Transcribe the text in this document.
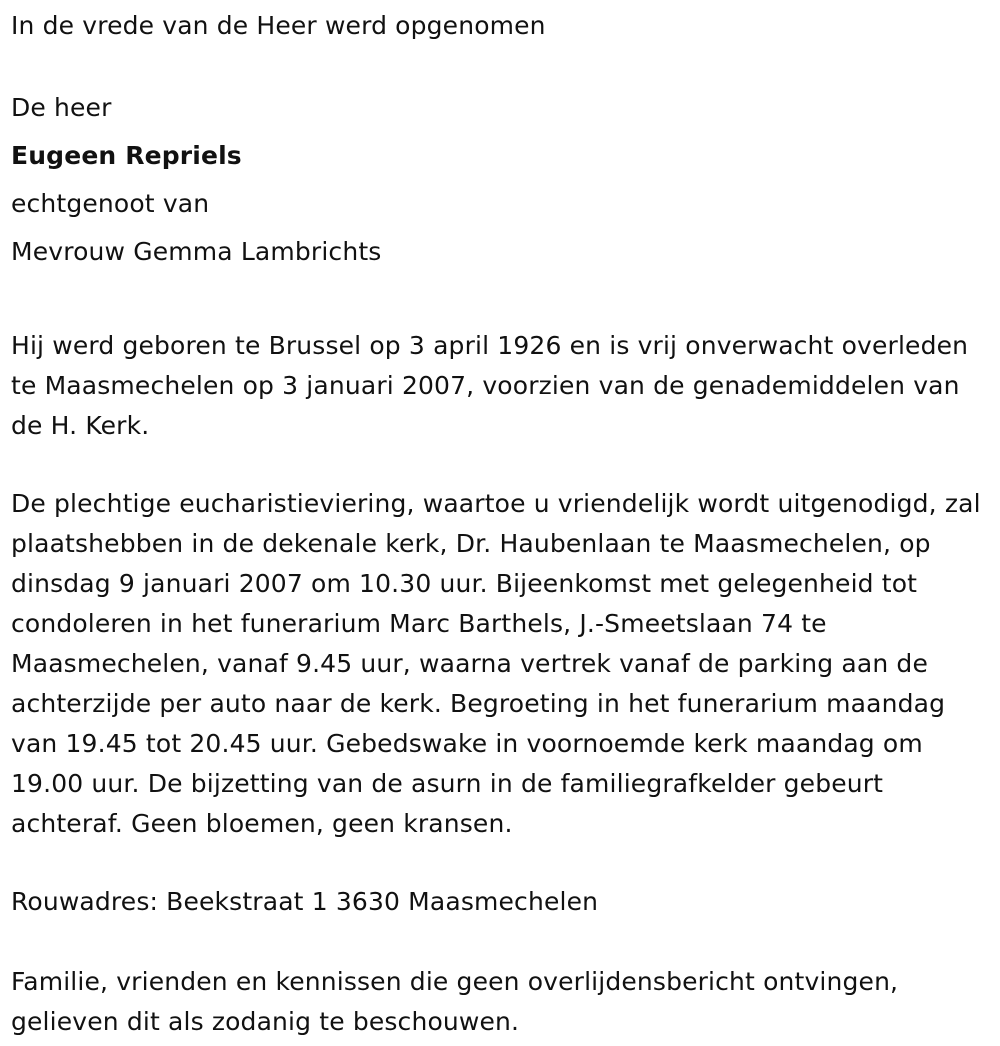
In de vrede van de Heer werd opgenomen

De heer

Eugeen Repriels

echtgenoot van

Mevrouw Gemma Lambrichts

Hij werd geboren te Brussel op 3 april 1926 en is vrij onverwacht overleden te Maasmechelen op 3 januari 2007, voorzien van de genademiddelen van de H. Kerk.

De plechtige eucharistieviering, waartoe u vriendelijk wordt uitgenodigd, zal plaatshebben in de dekenale kerk, Dr. Haubenlaan te Maasmechelen, op dinsdag 9 januari 2007 om 10.30 uur. Bijeenkomst met gelegenheid tot condoleren in het funerarium Marc Barthels, J.-Smeetslaan 74 te Maasmechelen, vanaf 9.45 uur, waarna vertrek vanaf de parking aan de achterzijde per auto naar de kerk. Begroeting in het funerarium maandag van 19.45 tot 20.45 uur. Gebedswake in voornoemde kerk maandag om 19.00 uur. De bijzetting van de asurn in de familiegrafkelder gebeurt achteraf. Geen bloemen, geen kransen.

Rouwadres: Beekstraat 1 3630 Maasmechelen

Familie, vrienden en kennissen die geen overlijdensbericht ontvingen, gelieven dit als zodanig te beschouwen.
